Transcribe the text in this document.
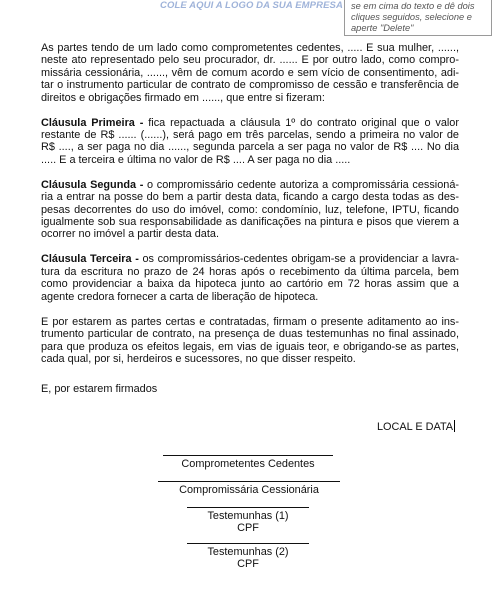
COLE AQUI A LOGO DA SUA EMPRESA se em cima do texto e dê dois
cliques seguidos, selecione e
aperte "Delete"

As partes tendo de um lado como comprometentes cedentes, ..... E sua mulher, ......,
neste ato representado pelo seu procurador, dr. ...... E por outro lado, como compro-
missária cessionária, ......, vêm de comum acordo e sem vício de consentimento, adi-
tar o instrumento particular de contrato de compromisso de cessão e transferência de
direitos e obrigações firmado em ......, que entre si fizeram:

Cláusula Primeira - fica repactuada a cláusula 1º do contrato original que o valor
restante de R$ ...... (......), será pago em três parcelas, sendo a primeira no valor de
R$ ...., a ser paga no dia ......, segunda parcela a ser paga no valor de R$ .... No dia
..... E a terceira e última no valor de R$ .... A ser paga no dia .....

Cláusula Segunda - o compromissário cedente autoriza a compromissária cessioná-
ria a entrar na posse do bem a partir desta data, ficando a cargo desta todas as des-
pesas decorrentes do uso do imóvel, como: condomínio, luz, telefone, IPTU, ficando
igualmente sob sua responsabilidade as danificações na pintura e pisos que vierem a
ocorrer no imóvel a partir desta data.

Cláusula Terceira - os compromissários-cedentes obrigam-se a providenciar a lavra-
tura da escritura no prazo de 24 horas após o recebimento da última parcela, bem
como providenciar a baixa da hipoteca junto ao cartório em 72 horas assim que a
agente credora fornecer a carta de liberação de hipoteca.

E por estarem as partes certas e contratadas, firmam o presente aditamento ao ins-
trumento particular de contrato, na presença de duas testemunhas no final assinado,
para que produza os efeitos legais, em vias de iguais teor, e obrigando-se as partes,
cada qual, por si, herdeiros e sucessores, no que disser respeito.

E, por estarem firmados
LOCAL E DATA
Comprometentes Cedentes
Compromissária Cessionária
Testemunhas (1)
CPF
Testemunhas (2)
CPF
